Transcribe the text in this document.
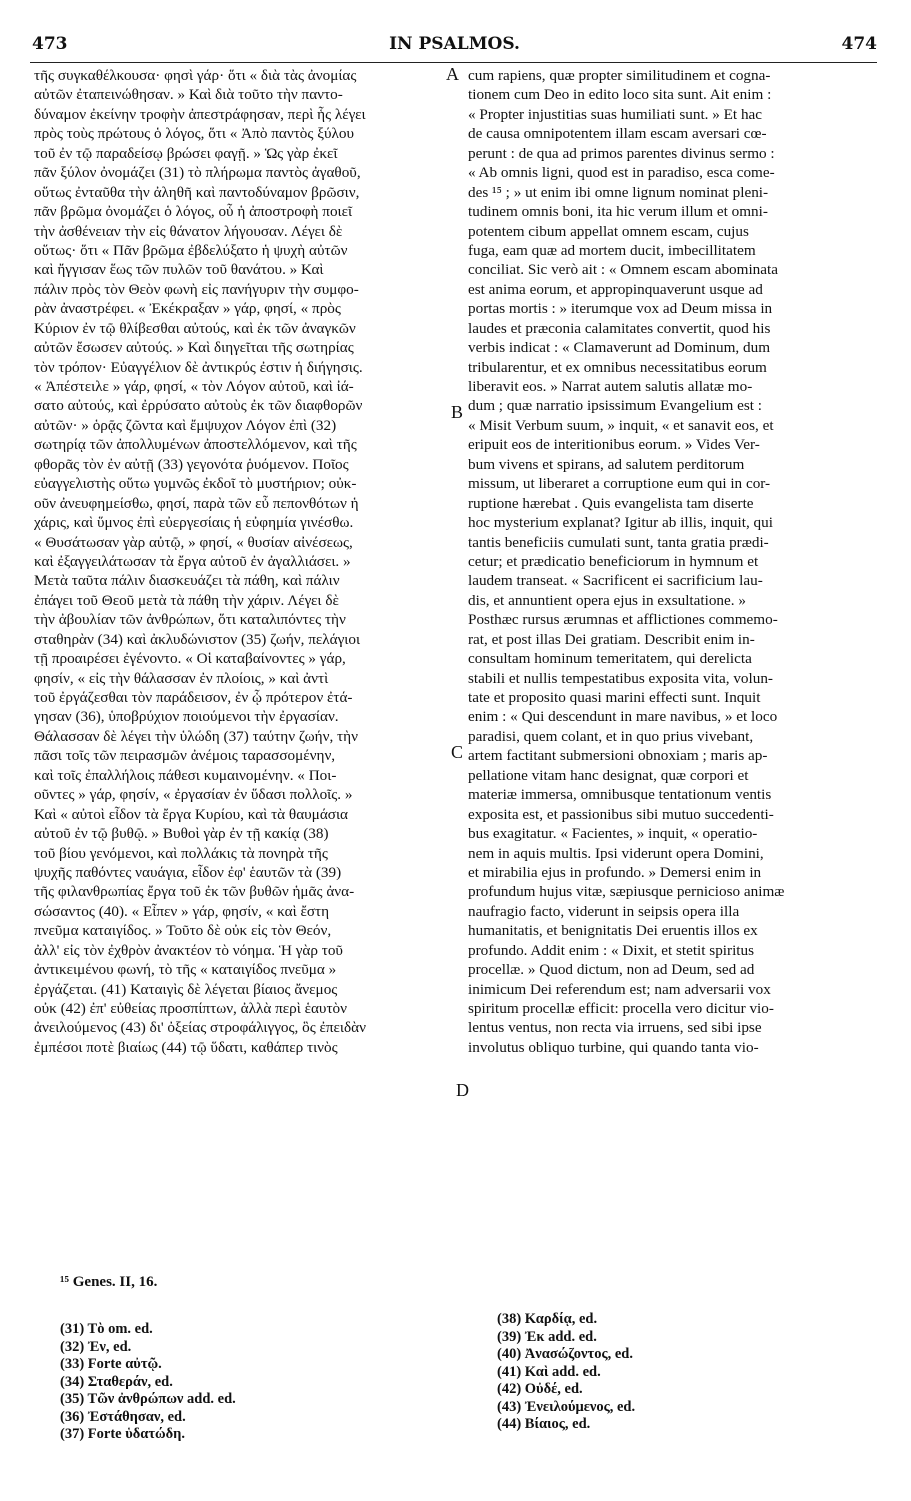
473	IN PSALMOS.	474
τῆς συγκαθέλκουσα· φησὶ γάρ· ὅτι « διὰ τὰς ἀνομίας
αὐτῶν ἐταπεινώθησαν. » Καὶ διὰ τοῦτο τὴν παντο-
δύναμον ἐκείνην τροφὴν ἀπεστράφησαν, περὶ ἧς λέγει
πρὸς τοὺς πρώτους ὁ λόγος, ὅτι « Ἀπὸ παντὸς ξύλου
τοῦ ἐν τῷ παραδείσῳ βρώσει φαγῇ. » Ὡς γὰρ ἐκεῖ
πᾶν ξύλον ὀνομάζει (31) τὸ πλήρωμα παντὸς ἀγαθοῦ,
οὕτως ἐνταῦθα τὴν ἀληθῆ καὶ παντοδύναμον βρῶσιν,
πᾶν βρῶμα ὀνομάζει ὁ λόγος, οὗ ἡ ἀποστροφὴ ποιεῖ
τὴν ἀσθένειαν τὴν εἰς θάνατον λήγουσαν. Λέγει δὲ
οὕτως· ὅτι « Πᾶν βρῶμα ἐβδελύξατο ἡ ψυχὴ αὐτῶν
καὶ ἤγγισαν ἕως τῶν πυλῶν τοῦ θανάτου. » Καὶ
πάλιν πρὸς τὸν Θεὸν φωνὴ εἰς πανήγυριν τὴν συμφο-
ρὰν ἀναστρέφει. « Ἐκέκραξαν » γάρ, φησί, « πρὸς
Κύριον ἐν τῷ θλίβεσθαι αὐτούς, καὶ ἐκ τῶν ἀναγκῶν
αὐτῶν ἔσωσεν αὐτούς. » Καὶ διηγεῖται τῆς σωτηρίας
τὸν τρόπον· Εὐαγγέλιον δὲ ἀντικρύς ἐστιν ἡ διήγησις.
« Ἀπέστειλε » γάρ, φησί, « τὸν Λόγον αὐτοῦ, καὶ ἰά-
σατο αὐτούς, καὶ ἐρρύσατο αὐτοὺς ἐκ τῶν διαφθορῶν
αὐτῶν· » ὁρᾷς ζῶντα καὶ ἔμψυχον Λόγον ἐπὶ (32)
σωτηρίᾳ τῶν ἀπολλυμένων ἀποστελλόμενον, καὶ τῆς
φθορᾶς τὸν ἐν αὐτῇ (33) γεγονότα ῥυόμενον. Ποῖος
εὐαγγελιστὴς οὕτω γυμνῶς ἐκδοῖ τὸ μυστήριον; οὐκ-
οῦν ἀνευφημείσθω, φησί, παρὰ τῶν εὖ πεπονθότων ἡ
χάρις, καὶ ὕμνος ἐπὶ εὐεργεσίαις ἡ εὐφημία γινέσθω.
« Θυσάτωσαν γὰρ αὐτῷ, » φησί, « θυσίαν αἰνέσεως,
καὶ ἐξαγγειλάτωσαν τὰ ἔργα αὐτοῦ ἐν ἀγαλλιάσει. »
Μετὰ ταῦτα πάλιν διασκευάζει τὰ πάθη, καὶ πάλιν
ἐπάγει τοῦ Θεοῦ μετὰ τὰ πάθη τὴν χάριν. Λέγει δὲ
τὴν ἀβουλίαν τῶν ἀνθρώπων, ὅτι καταλιπόντες τὴν
σταθηρὰν (34) καὶ ἀκλυδώνιστον (35) ζωήν, πελάγιοι
τῇ προαιρέσει ἐγένοντο. « Οἱ καταβαίνοντες » γάρ,
φησίν, « εἰς τὴν θάλασσαν ἐν πλοίοις, » καὶ ἀντὶ
τοῦ ἐργάζεσθαι τὸν παράδεισον, ἐν ᾧ πρότερον ἐτά-
γησαν (36), ὑποβρύχιον ποιούμενοι τὴν ἐργασίαν.
Θάλασσαν δὲ λέγει τὴν ὑλώδη (37) ταύτην ζωήν, τὴν
πᾶσι τοῖς τῶν πειρασμῶν ἀνέμοις ταρασσομένην,
καὶ τοῖς ἐπαλλήλοις πάθεσι κυμαινομένην. « Ποι-
οῦντες » γάρ, φησίν, « ἐργασίαν ἐν ὕδασι πολλοῖς. »
Καὶ « αὐτοὶ εἶδον τὰ ἔργα Κυρίου, καὶ τὰ θαυμάσια
αὐτοῦ ἐν τῷ βυθῷ. » Βυθοὶ γὰρ ἐν τῇ κακίᾳ (38)
τοῦ βίου γενόμενοι, καὶ πολλάκις τὰ πονηρὰ τῆς
ψυχῆς παθόντες ναυάγια, εἶδον ἐφ' ἑαυτῶν τὰ (39)
τῆς φιλανθρωπίας ἔργα τοῦ ἐκ τῶν βυθῶν ἡμᾶς ἀνα-
σώσαντος (40). « Εἶπεν » γάρ, φησίν, « καὶ ἔστη
πνεῦμα καταιγίδος. » Τοῦτο δὲ οὐκ εἰς τὸν Θεόν,
ἀλλ' εἰς τὸν ἐχθρὸν ἀνακτέον τὸ νόημα. Ἡ γὰρ τοῦ
ἀντικειμένου φωνή, τὸ τῆς « καταιγίδος πνεῦμα »
ἐργάζεται. (41) Καταιγὶς δὲ λέγεται βίαιος ἄνεμος
οὐκ (42) ἐπ' εὐθείας προσπίπτων, ἀλλὰ περὶ ἑαυτὸν
ἀνειλούμενος (43) δι' ὀξείας στροφάλιγγος, ὃς ἐπειδὰν
ἐμπέσοι ποτὲ βιαίως (44) τῷ ὕδατι, καθάπερ τινὸς
cum rapiens, quæ propter similitudinem et cogna-
tionem cum Deo in edito loco sita sunt. Ait enim :
« Propter injustitias suas humiliati sunt. » Et hac
de causa omnipotentem illam escam aversari cœ-
perunt : de qua ad primos parentes divinus sermo :
« Ab omnis ligni, quod est in paradiso, esca come-
des ¹⁵ ; » ut enim ibi omne lignum nominat pleni-
tudinem omnis boni, ita hic verum illum et omni-
potentem cibum appellat omnem escam, cujus
fuga, eam quæ ad mortem ducit, imbecillitatem
conciliat. Sic verò ait : « Omnem escam abominata
est anima eorum, et appropinquaverunt usque ad
portas mortis : » iterumque vox ad Deum missa in
laudes et præconia calamitates convertit, quod his
verbis indicat : « Clamaverunt ad Dominum, dum
tribularentur, et ex omnibus necessitatibus eorum
liberavit eos. » Narrat autem salutis allatæ mo-
dum ; quæ narratio ipsissimum Evangelium est :
« Misit Verbum suum, » inquit, « et sanavit eos, et
eripuit eos de interitionibus eorum. » Vides Ver-
bum vivens et spirans, ad salutem perditorum
missum, ut liberaret a corruptione eum qui in cor-
ruptione hærebat . Quis evangelista tam diserte
hoc mysterium explanat? Igitur ab illis, inquit, qui
tantis beneficiis cumulati sunt, tanta gratia prædi-
cetur; et prædicatio beneficiorum in hymnum et
laudem transeat. « Sacrificent ei sacrificium lau-
dis, et annuntient opera ejus in exsultatione. »
Posthæc rursus ærumnas et afflictiones commemo-
rat, et post illas Dei gratiam. Describit enim in-
consultam hominum temeritatem, qui derelicta
stabili et nullis tempestatibus exposita vita, volun-
tate et proposito quasi marini effecti sunt. Inquit
enim : « Qui descendunt in mare navibus, » et loco
paradisi, quem colant, et in quo prius vivebant,
artem factitant submersioni obnoxiam ; maris ap-
pellatione vitam hanc designat, quæ corpori et
materiæ immersa, omnibusque tentationum ventis
exposita est, et passionibus sibi mutuo succedenti-
bus exagitatur. « Facientes, » inquit, « operatio-
nem in aquis multis. Ipsi viderunt opera Domini,
et mirabilia ejus in profundo. » Demersi enim in
profundum hujus vitæ, sæpiusque pernicioso animæ
naufragio facto, viderunt in seipsis opera illa
humanitatis, et benignitatis Dei eruentis illos ex
profundo. Addit enim : « Dixit, et stetit spiritus
procellæ. » Quod dictum, non ad Deum, sed ad
inimicum Dei referendum est; nam adversarii vox
spiritum procellæ efficit: procella vero dicitur vio-
lentus ventus, non recta via irruens, sed sibi ipse
involutus obliquo turbine, qui quando tanta vio-
A
B
C
D
¹⁵ Genes. II, 16.
(31) Τὸ om. ed.
(32) Ἐν, ed.
(33) Forte αὐτῷ.
(34) Σταθεράν, ed.
(35) Τῶν ἀνθρώπων add. ed.
(36) Ἐστάθησαν, ed.
(37) Forte ὑδατώδη.
(38) Καρδίᾳ, ed.
(39) Ἐκ add. ed.
(40) Ἀνασώζοντος, ed.
(41) Καὶ add. ed.
(42) Οὐδέ, ed.
(43) Ἐνειλούμενος, ed.
(44) Βίαιος, ed.
